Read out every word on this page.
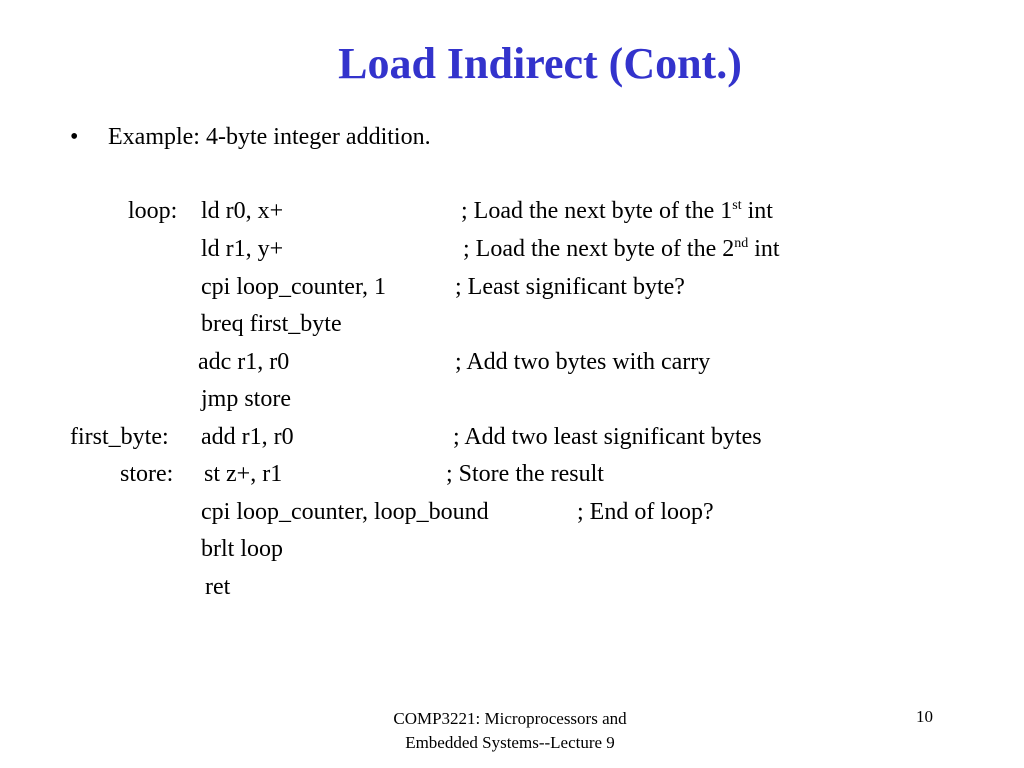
Load Indirect (Cont.)
• Example: 4-byte integer addition.
loop: ld r0, x+	; Load the next byte of the 1st int
ld r1, y+	; Load the next byte of the 2nd int
cpi loop_counter, 1	; Least significant byte?
breq first_byte
adc r1, r0	; Add two bytes with carry
jmp store
first_byte: add r1, r0	; Add two least significant bytes
store: st z+, r1	; Store the result
cpi loop_counter, loop_bound	; End of loop?
brlt loop
ret
COMP3221: Microprocessors and
Embedded Systems--Lecture 9
10
